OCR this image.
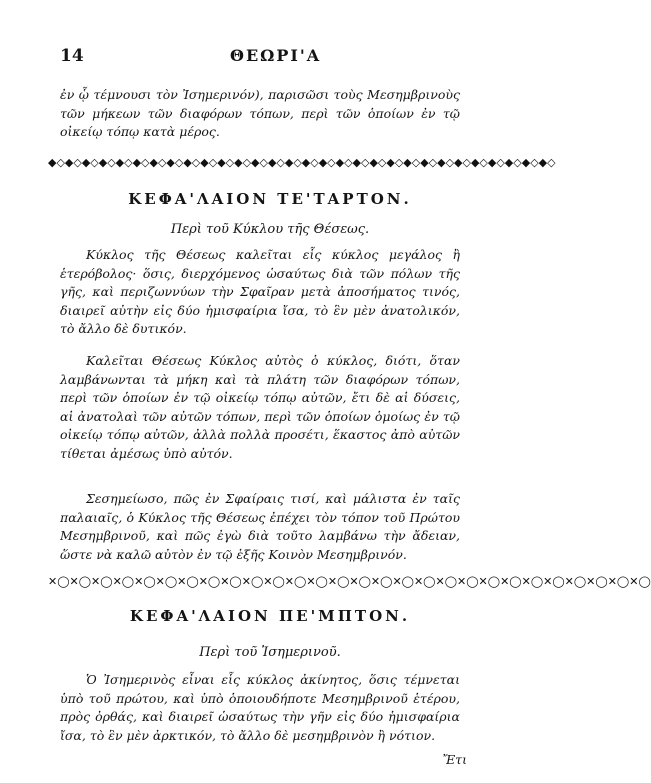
14	ΘΕΩΡΙ'Α
ἐν ᾧ τέμνουσι τὸν Ἰσημερινόν), παρισῶσι τοὺς Μεσημβρινοὺς τῶν μήκεων τῶν διαφόρων τόπων, περὶ τῶν ὁποίων ἐν τῷ οἰκείῳ τόπῳ κατὰ μέρος.
◆◇◆◇◆◇◆◇◆◇◆◇◆◇◆◇◆◇◆◇◆◇◆◇◆◇◆◇◆◇◆◇◆◇◆◇◆◇◆◇◆◇◆◇◆◇◆◇◆◇◆◇◆◇◆◇◆◇◆◇
ΚΕΦΑ'ΛΑΙΟΝ ΤΕ'ΤΑΡΤΟΝ.
Περὶ τοῦ Κύκλου τῆς Θέσεως.
Κύκλος τῆς Θέσεως καλεῖται εἷς κύκλος μεγάλος ἢ ἑτερόβολος· ὅσις, διερχόμενος ὡσαύτως διὰ τῶν πόλων τῆς γῆς, καὶ περιζωννύων τὴν Σφαῖραν μετὰ ἀποσήματος τινός, διαιρεῖ αὐτὴν εἰς δύο ἡμισφαίρια ἴσα, τὸ ἓν μὲν ἀνατολικόν, τὸ ἄλλο δὲ δυτικόν.
Καλεῖται Θέσεως Κύκλος αὐτὸς ὁ κύκλος, διότι, ὅταν λαμβάνωνται τὰ μήκη καὶ τὰ πλάτη τῶν διαφόρων τόπων, περὶ τῶν ὁποίων ἐν τῷ οἰκείῳ τόπῳ αὐτῶν, ἔτι δὲ αἱ δύσεις, αἱ ἀνατολαὶ τῶν αὐτῶν τόπων, περὶ τῶν ὁποίων ὁμοίως ἐν τῷ οἰκείῳ τόπῳ αὐτῶν, ἀλλὰ πολλὰ προσέτι, ἕκαστος ἀπὸ αὐτῶν τίθεται ἀμέσως ὑπὸ αὐτόν.
Σεσημείωσο, πῶς ἐν Σφαίραις τισί, καὶ μάλιστα ἐν ταῖς παλαιαῖς, ὁ Κύκλος τῆς Θέσεως ἐπέχει τὸν τόπον τοῦ Πρώτου Μεσημβρινοῦ, καὶ πῶς ἐγὼ διὰ τοῦτο λαμβάνω τὴν ἄδειαν, ὥστε νὰ καλῶ αὐτὸν ἐν τῷ ἑξῆς Κοινὸν Μεσημβρινόν.
✕◯✕◯✕◯✕◯✕◯✕◯✕◯✕◯✕◯✕◯✕◯✕◯✕◯✕◯✕◯✕◯✕◯✕◯✕◯✕◯✕◯✕◯✕◯✕◯✕◯✕◯✕◯✕◯
ΚΕΦΑ'ΛΑΙΟΝ ΠΕ'ΜΠΤΟΝ.
Περὶ τοῦ Ἰσημερινοῦ.
Ὁ Ἰσημερινὸς εἶναι εἷς κύκλος ἀκίνητος, ὅσις τέμνεται ὑπὸ τοῦ πρώτου, καὶ ὑπὸ ὁποιουδήποτε Μεσημβρινοῦ ἑτέρου, πρὸς ὀρθάς, καὶ διαιρεῖ ὡσαύτως τὴν γῆν εἰς δύο ἡμισφαίρια ἴσα, τὸ ἓν μὲν ἀρκτικόν, τὸ ἄλλο δὲ μεσημβρινὸν ἢ νότιον.
Ἔτι
